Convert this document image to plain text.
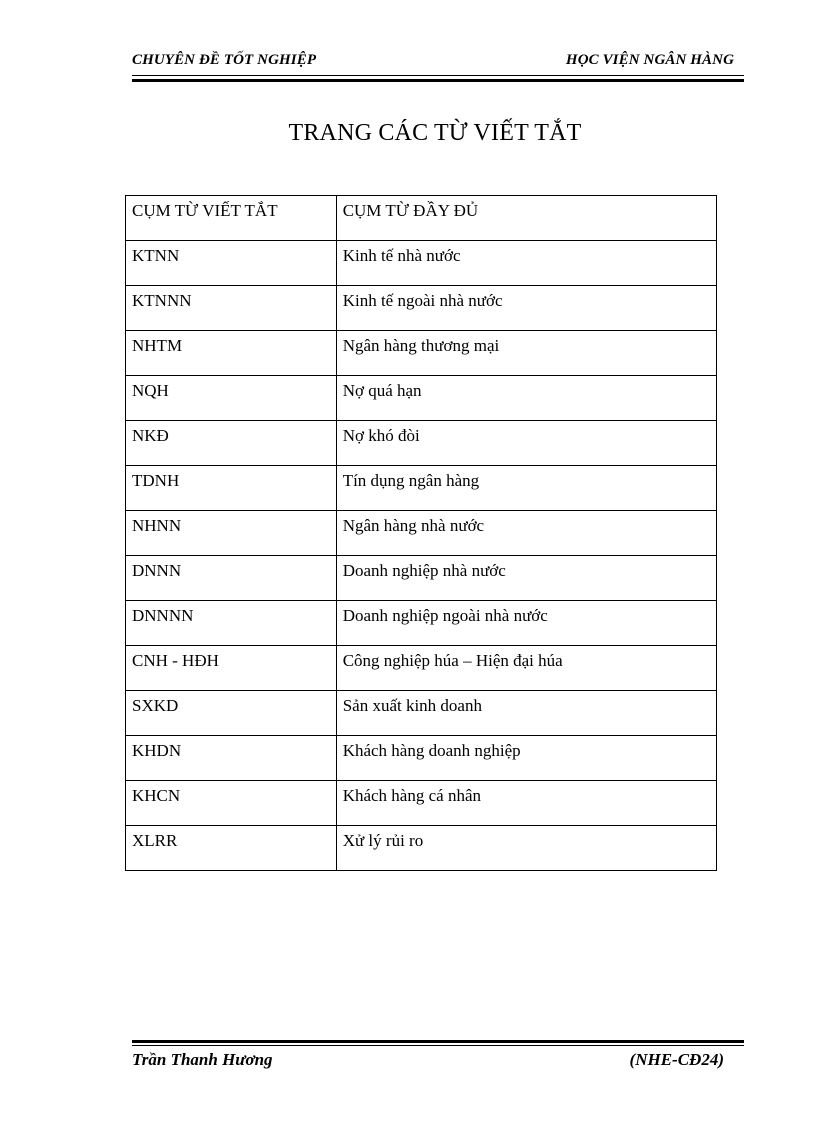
CHUYÊN ĐỀ TỐT NGHIỆP	HỌC VIỆN NGÂN HÀNG
TRANG CÁC TỪ VIẾT TẮT
CỤM TỪ VIẾT TẮT	CỤM TỪ ĐẦY ĐỦ
KTNN	Kinh tế nhà nước
KTNNN	Kinh tế ngoài nhà nước
NHTM	Ngân hàng thương mại
NQH	Nợ quá hạn
NKĐ	Nợ khó đòi
TDNH	Tín dụng ngân hàng
NHNN	Ngân hàng nhà nước
DNNN	Doanh nghiệp nhà nước
DNNNN	Doanh nghiệp ngoài nhà nước
CNH - HĐH	Công nghiệp húa – Hiện đại húa
SXKD	Sản xuất kinh doanh
KHDN	Khách hàng doanh nghiệp
KHCN	Khách hàng cá nhân
XLRR	Xử lý rủi ro
Trần Thanh Hương	(NHE-CĐ24)
